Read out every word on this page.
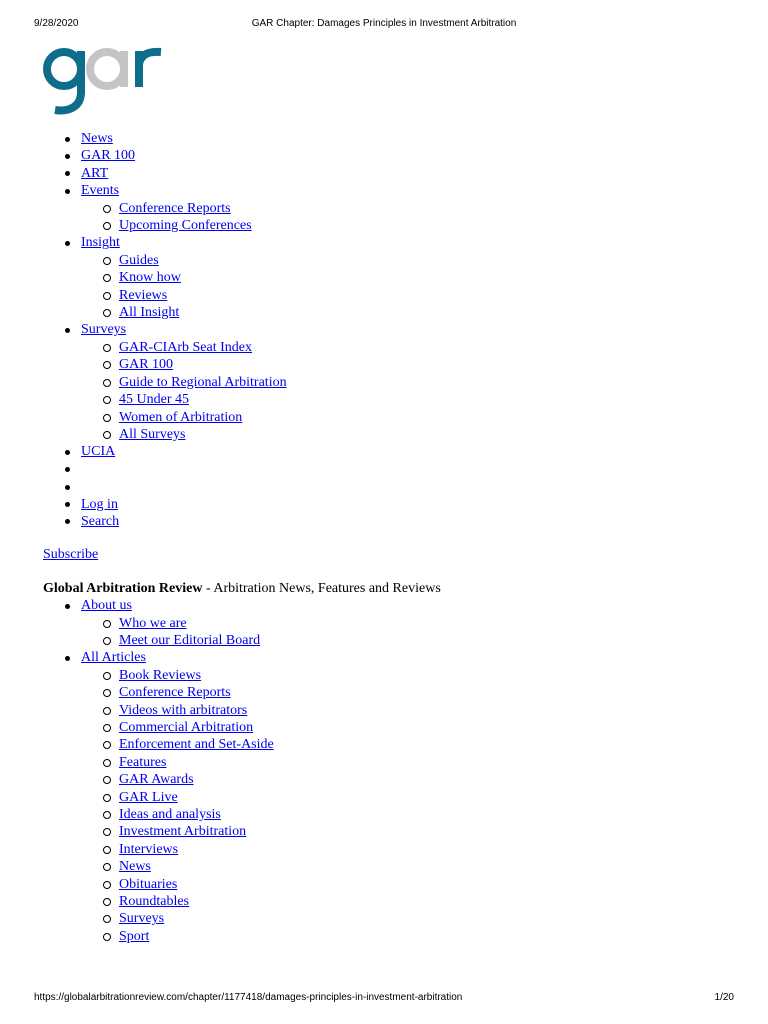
9/28/2020	GAR Chapter: Damages Principles in Investment Arbitration
News
GAR 100
ART
Events
Conference Reports
Upcoming Conferences
Insight
Guides
Know how
Reviews
All Insight
Surveys
GAR-CIArb Seat Index
GAR 100
Guide to Regional Arbitration
45 Under 45
Women of Arbitration
All Surveys
UCIA
Log in
Search
Subscribe
Global Arbitration Review - Arbitration News, Features and Reviews
About us
Who we are
Meet our Editorial Board
All Articles
Book Reviews
Conference Reports
Videos with arbitrators
Commercial Arbitration
Enforcement and Set-Aside
Features
GAR Awards
GAR Live
Ideas and analysis
Investment Arbitration
Interviews
News
Obituaries
Roundtables
Surveys
Sport
https://globalarbitrationreview.com/chapter/1177418/damages-principles-in-investment-arbitration	1/20
